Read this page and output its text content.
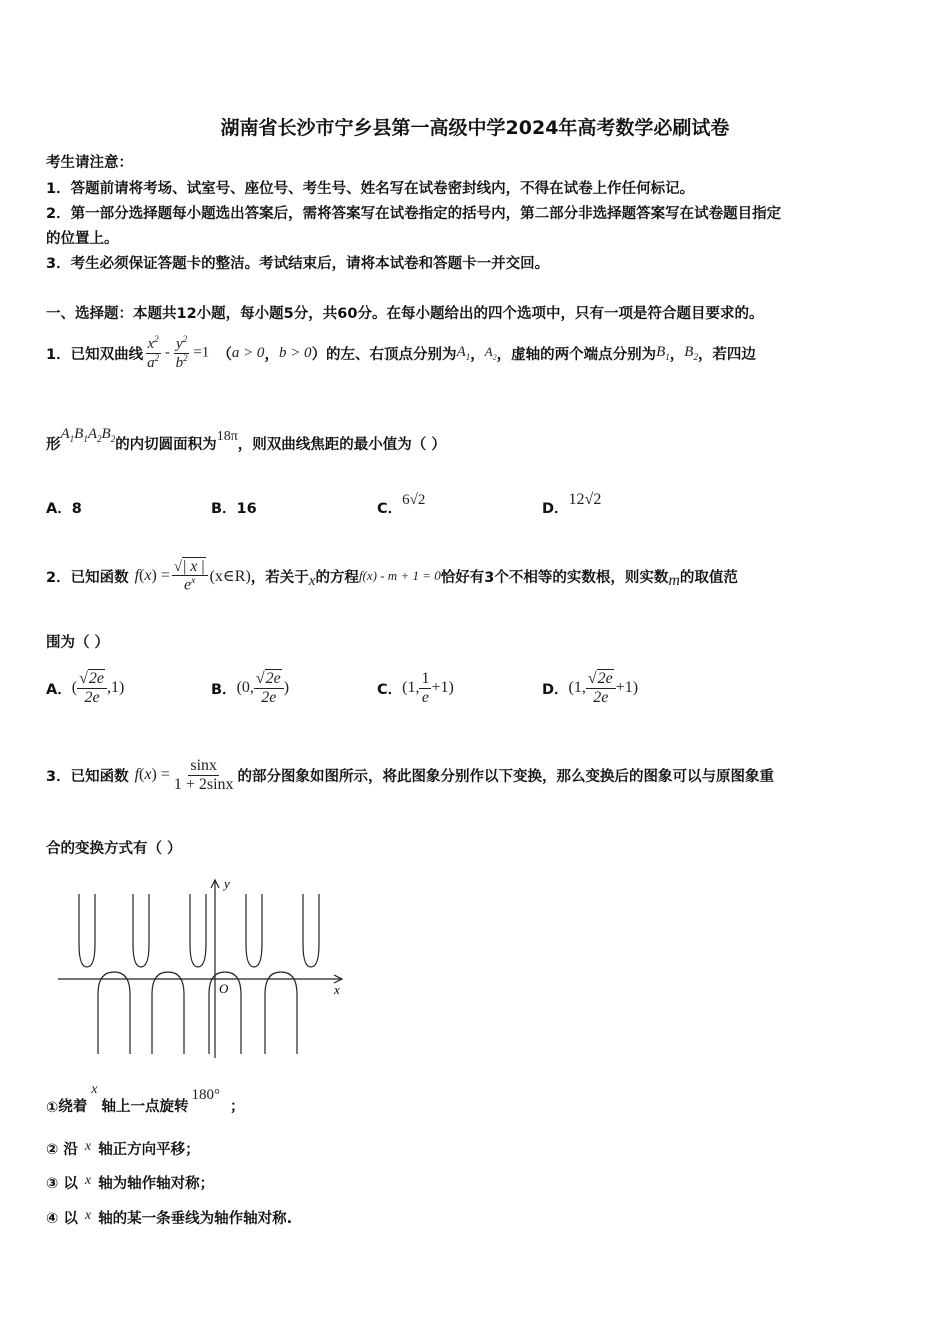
湖南省长沙市宁乡县第一高级中学2024年高考数学必刷试卷
考生请注意：
1．答题前请将考场、试室号、座位号、考生号、姓名写在试卷密封线内，不得在试卷上作任何标记。
2．第一部分选择题每小题选出答案后，需将答案写在试卷指定的括号内，第二部分非选择题答案写在试卷题目指定
的位置上。
3．考生必须保证答题卡的整洁。考试结束后，请将本试卷和答题卡一并交回。
一、选择题：本题共12小题，每小题5分，共60分。在每小题给出的四个选项中，只有一项是符合题目要求的。
1．已知双曲线 $\frac{x^2}{a^2} - \frac{y^2}{b^2} =1$ （ a > 0 ， b > 0 ）的左、右顶点分别为 $A_1$ ， $A_2$ ，虚轴的两个端点分别为 $B_1$ ， $B_2$ ，若四边
形
$A_1B_1A_2B_2$ 的内切圆面积为 18π ，则双曲线焦距的最小值为（ ）
A．8	B．16	C．6√2
D．12√2
2．已知函数 f ( x ) = $\frac{√| x |}{e^x}$ (x∈R) ，若关于 x 的方程 f(x) - m + 1 = 0 恰好有3个不相等的实数根，则实数 m 的取值范
围为（ ）
A． ( $\frac{√2e}{2e} ,1$)	B． (0, $\frac{√2e}{2e}$ )	C． (1, $\frac{1}{e} +1$)	D． (1, $\frac{√2e}{2e} +1$)
3．已知函数 f ( x ) = $\frac{\sin x}{1 + 2\sin x}$ 的部分图象如图所示，将此图象分别作以下变换，那么变换后的图象可以与原图象重
合的变换方式有（ ）
y
x
O
① 绕着
x
轴上一点旋转
180°
；
② 沿 x 轴正方向平移；
③ 以 x 轴为轴作轴对称；
④ 以 x 轴的某一条垂线为轴作轴对称.
